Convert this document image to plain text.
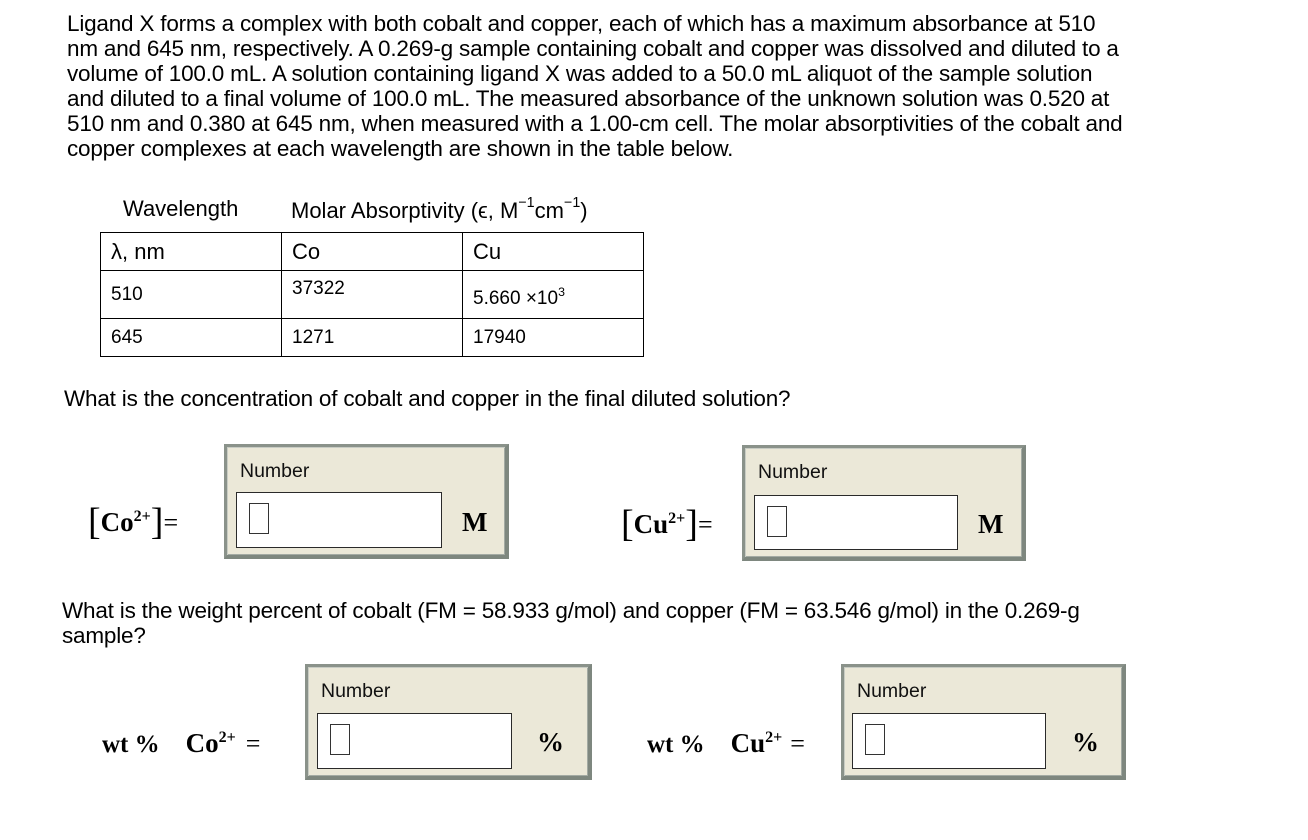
Ligand X forms a complex with both cobalt and copper, each of which has a maximum absorbance at 510
nm and 645 nm, respectively. A 0.269-g sample containing cobalt and copper was dissolved and diluted to a
volume of 100.0 mL. A solution containing ligand X was added to a 50.0 mL aliquot of the sample solution
and diluted to a final volume of 100.0 mL. The measured absorbance of the unknown solution was 0.520 at
510 nm and 0.380 at 645 nm, when measured with a 1.00-cm cell. The molar absorptivities of the cobalt and
copper complexes at each wavelength are shown in the table below.
Wavelength Molar Absorptivity (ϵ, $M^{-1}cm^{-1}$)
λ, nm	Co	Cu
510	37322	$5.660 \times 10^3$
645	1271	17940
What is the concentration of cobalt and copper in the final diluted solution?
$[Co^{2+}]=$
Number
M	$[Cu^{2+}]=$
Number
M
What is the weight percent of cobalt (FM = 58.933 g/mol) and copper (FM = 63.546 g/mol) in the 0.269-g
sample?
wt % $Co^{2+}$ =
Number
%	wt % $Cu^{2+}$ =
Number
%
